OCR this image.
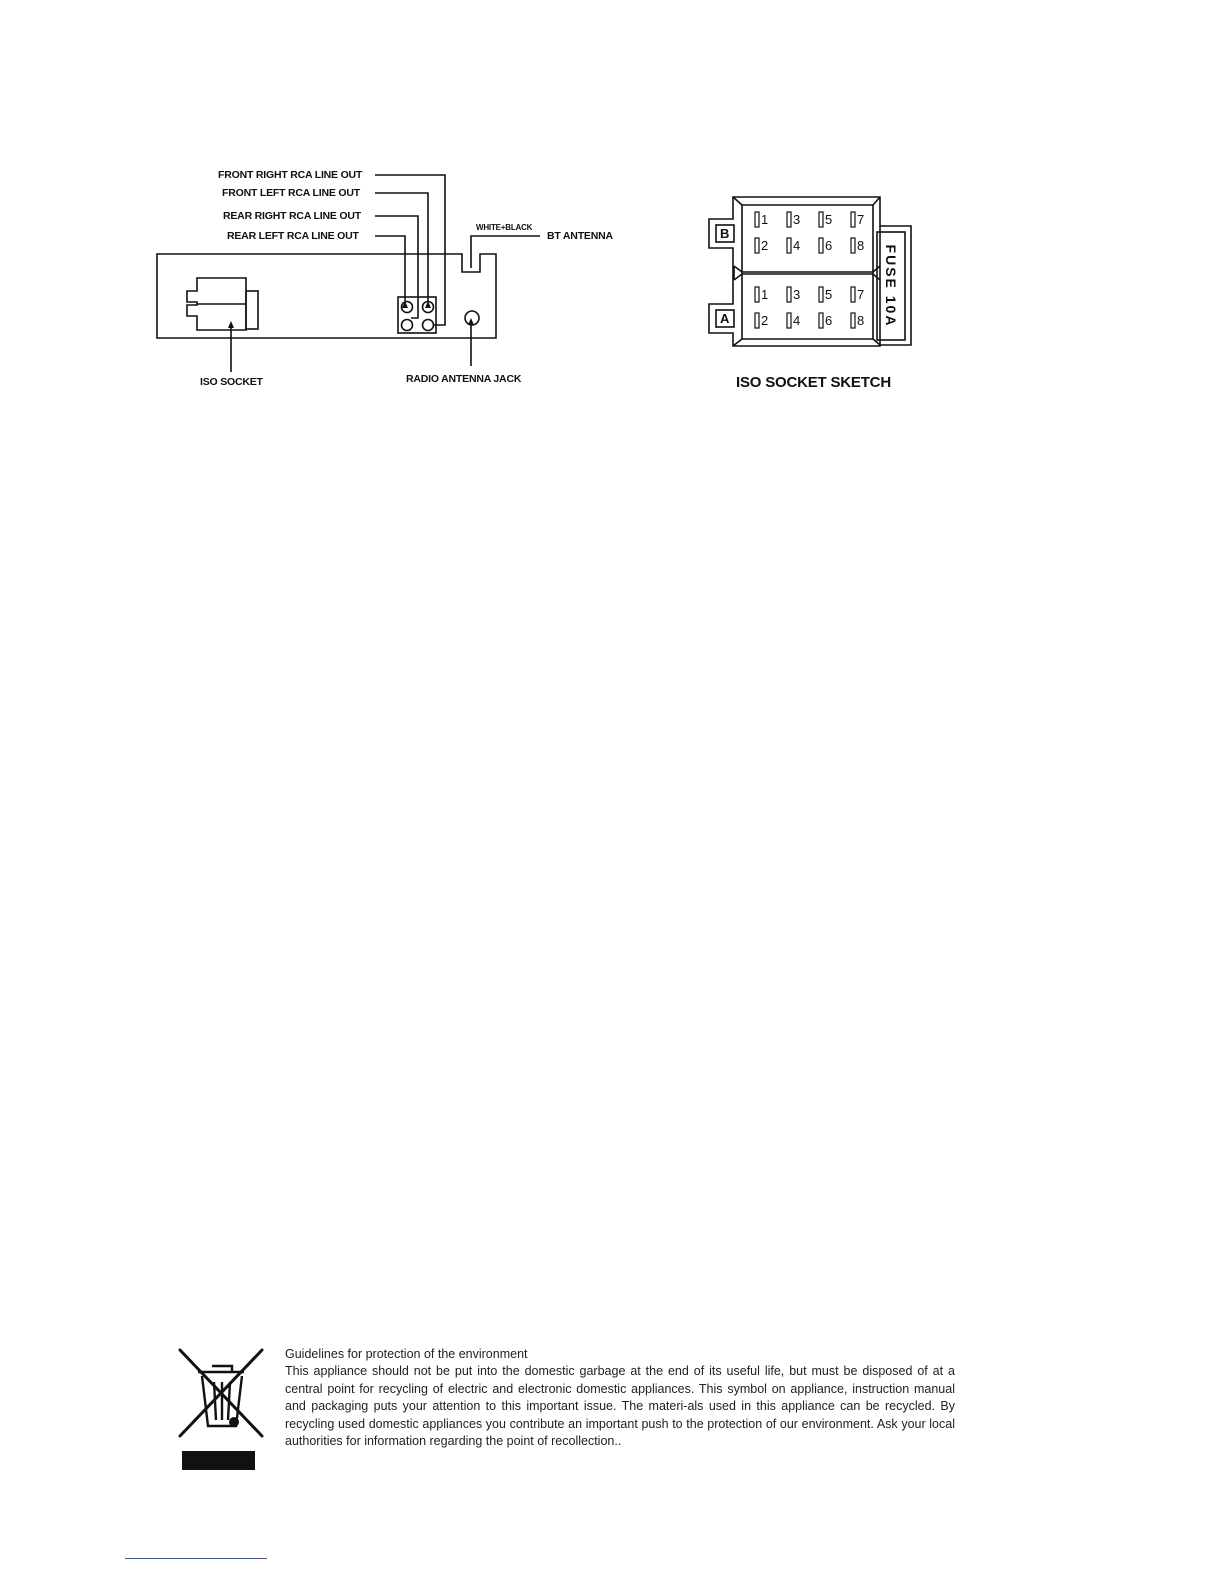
FRONT RIGHT RCA LINE OUT
FRONT LEFT RCA LINE OUT
REAR RIGHT RCA LINE OUT
REAR LEFT RCA LINE OUT
WHITE+BLACK
BT ANTENNA
ISO SOCKET	RADIO ANTENNA JACK
B
A
1 3 5 7
2 4 6 8
1 3 5 7
2 4 6 8 FUSE 10A
ISO SOCKET SKETCH
Guidelines for protection of the environment

This appliance should not be put into the domestic garbage at the end of its useful life, but must be disposed of at a central point for recycling of electric and electronic domestic appliances. This symbol on appliance, instruction manual and packaging puts your attention to this important issue. The materi-als used in this appliance can be recycled. By recycling used domestic appliances you contribute an important push to the protection of our environment. Ask your local authorities for information regarding the point of recollection..
